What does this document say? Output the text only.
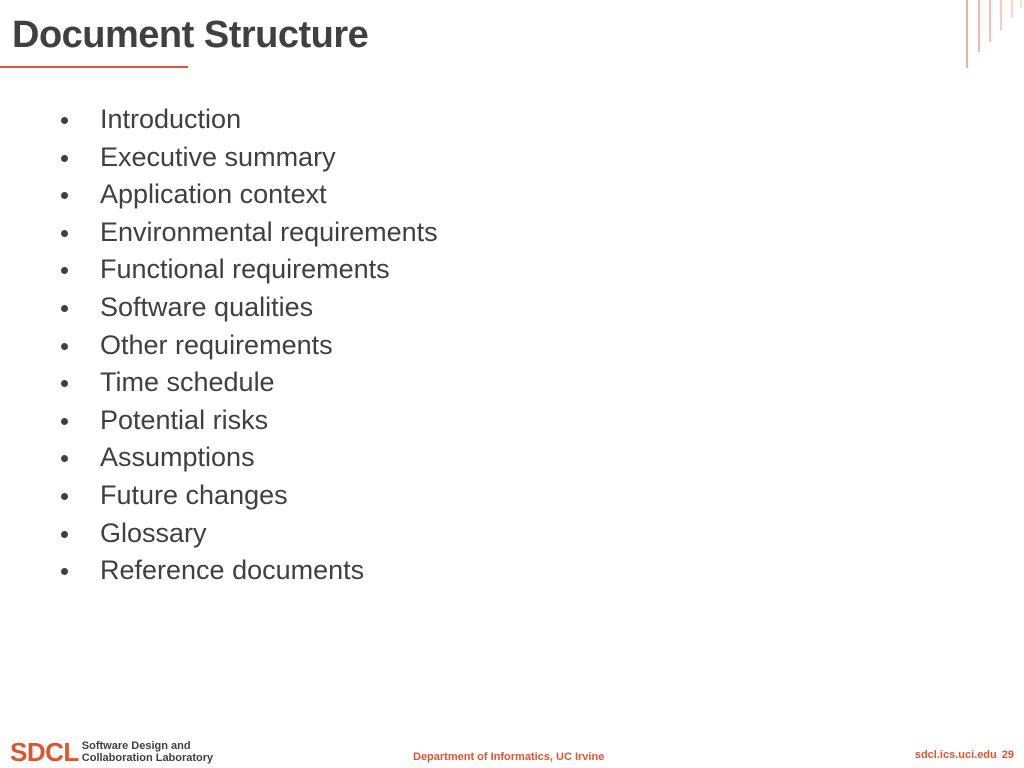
Document Structure
Introduction
Executive summary
Application context
Environmental requirements
Functional requirements
Software qualities
Other requirements
Time schedule
Potential risks
Assumptions
Future changes
Glossary
Reference documents
SDCL Software Design and
Collaboration Laboratory	Department of Informatics, UC Irvine	sdcl.ics.uci.edu 29
